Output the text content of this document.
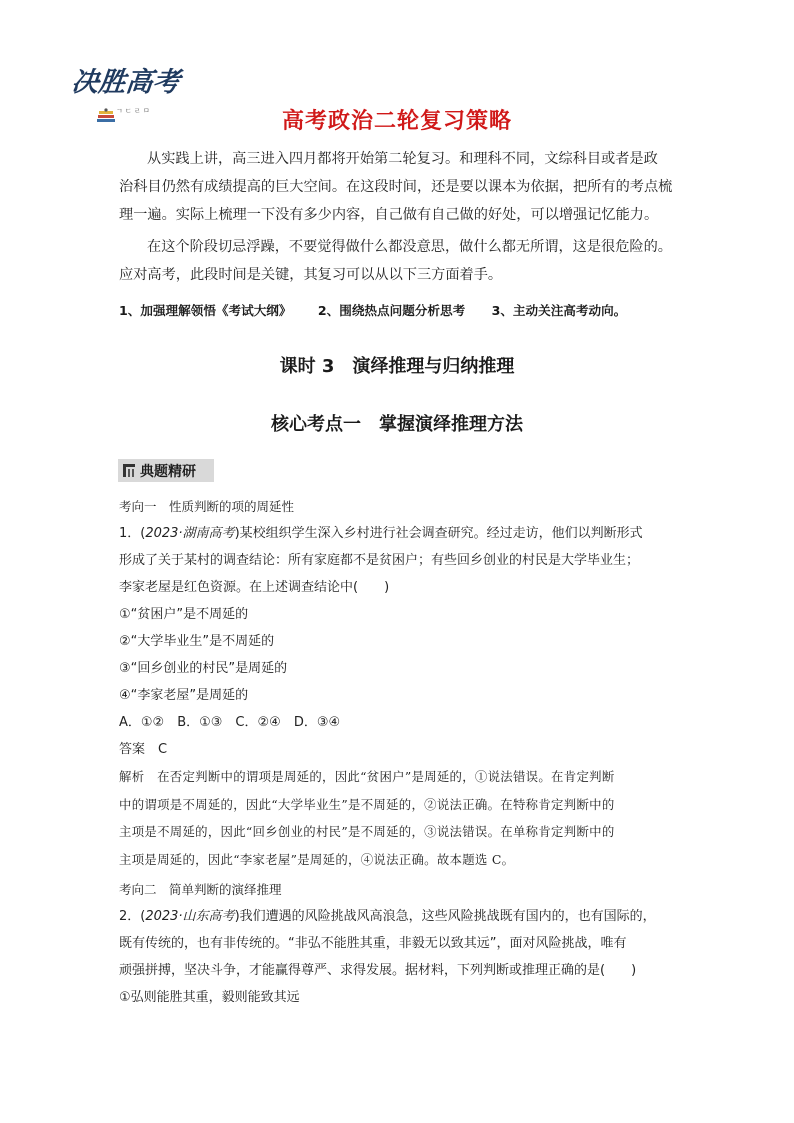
决胜高考
ㄱ ㄷ ㄹ ㅁ	高考政治二轮复习策略
从实践上讲，高三进入四月都将开始第二轮复习。和理科不同，文综科目或者是政
治科目仍然有成绩提高的巨大空间。在这段时间，还是要以课本为依据，把所有的考点梳
理一遍。实际上梳理一下没有多少内容，自己做有自己做的好处，可以增强记忆能力。
在这个阶段切忌浮躁，不要觉得做什么都没意思，做什么都无所谓，这是很危险的。
应对高考，此段时间是关键，其复习可以从以下三方面着手。
1、加强理解领悟《考试大纲》 2、围绕热点问题分析思考 3、主动关注高考动向。
课时 3　演绎推理与归纳推理
核心考点一　掌握演绎推理方法
典题精研
考向一　性质判断的项的周延性
1．(2023·湖南高考)某校组织学生深入乡村进行社会调查研究。经过走访，他们以判断形式
形成了关于某村的调查结论：所有家庭都不是贫困户；有些回乡创业的村民是大学毕业生；
李家老屋是红色资源。在上述调查结论中(　　)
①“贫困户”是不周延的
②“大学毕业生”是不周延的
③“回乡创业的村民”是周延的
④“李家老屋”是周延的
A．①②　B．①③　C．②④　D．③④
答案　C
解析　在否定判断中的谓项是周延的，因此“贫困户”是周延的，①说法错误。在肯定判断
中的谓项是不周延的，因此“大学毕业生”是不周延的，②说法正确。在特称肯定判断中的
主项是不周延的，因此“回乡创业的村民”是不周延的，③说法错误。在单称肯定判断中的
主项是周延的，因此“李家老屋”是周延的，④说法正确。故本题选 C。
考向二　简单判断的演绎推理
2．(2023·山东高考)我们遭遇的风险挑战风高浪急，这些风险挑战既有国内的，也有国际的，
既有传统的，也有非传统的。“非弘不能胜其重，非毅无以致其远”，面对风险挑战，唯有
顽强拼搏，坚决斗争，才能赢得尊严、求得发展。据材料，下列判断或推理正确的是(　　)
①弘则能胜其重，毅则能致其远
